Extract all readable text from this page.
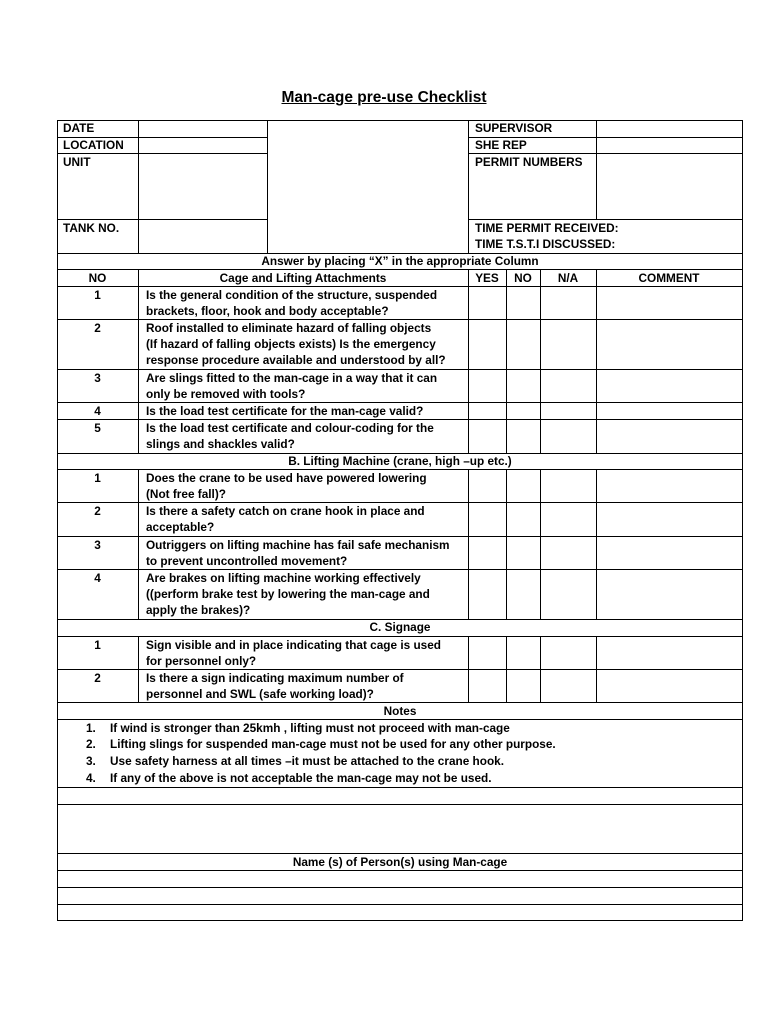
Man-cage pre-use Checklist
DATE
LOCATION
UNIT
TANK NO.
SUPERVISOR
SHE REP
PERMIT NUMBERS
TIME PERMIT RECEIVED:
TIME T.S.T.I DISCUSSED:
Answer by placing “X” in the appropriate Column
NO	Cage and Lifting Attachments	YES	NO	N/A	COMMENT
1	Is the general condition of the structure, suspended
brackets, floor, hook and body acceptable?
2	Roof installed to eliminate hazard of falling objects
(If hazard of falling objects exists) Is the emergency
response procedure available and understood by all?
3	Are slings fitted to the man-cage in a way that it can
only be removed with tools?
4	Is the load test certificate for the man-cage valid?
5	Is the load test certificate and colour-coding for the
slings and shackles valid?
B. Lifting Machine (crane, high –up etc.)
1	Does the crane to be used have powered lowering
(Not free fall)?
2	Is there a safety catch on crane hook in place and
acceptable?
3	Outriggers on lifting machine has fail safe mechanism
to prevent uncontrolled movement?
4	Are brakes on lifting machine working effectively
((perform brake test by lowering the man-cage and
apply the brakes)?
C. Signage
1	Sign visible and in place indicating that cage is used
for personnel only?
2	Is there a sign indicating maximum number of
personnel and SWL (safe working load)?
Notes
1. If wind is stronger than 25kmh , lifting must not proceed with man-cage
2. Lifting slings for suspended man-cage must not be used for any other purpose.
3. Use safety harness at all times –it must be attached to the crane hook.
4. If any of the above is not acceptable the man-cage may not be used.
Name (s) of Person(s) using Man-cage
